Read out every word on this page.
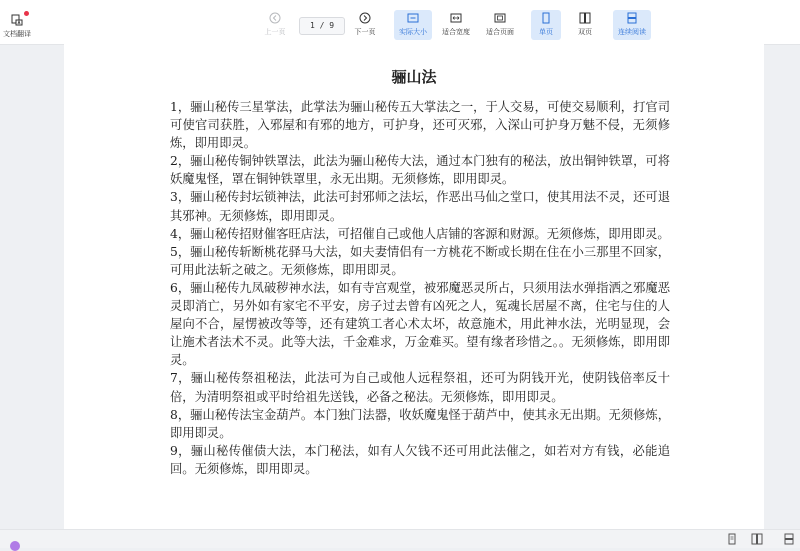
文档翻译	上一页
1 / 9
下一页	实际大小 适合宽度 适合页面	单页	双页	连续阅读
骊山法

1，骊山秘传三星掌法，此掌法为骊山秘传五大掌法之一，于人交易，可使交易顺利，打官司可使官司获胜，入邪屋和有邪的地方，可护身，还可灭邪，入深山可护身万魅不侵，无须修炼，即用即灵。

2，骊山秘传铜钟铁罩法，此法为骊山秘传大法，通过本门独有的秘法，放出铜钟铁罩，可将妖魔鬼怪，罩在铜钟铁罩里，永无出期。无须修炼，即用即灵。

3，骊山秘传封坛锁神法，此法可封邪师之法坛，作恶出马仙之堂口，使其用法不灵，还可退其邪神。无须修炼，即用即灵。

4，骊山秘传招财催客旺店法，可招催自己或他人店铺的客源和财源。无须修炼，即用即灵。

5，骊山秘传斩断桃花驿马大法，如夫妻情侣有一方桃花不断或长期在住在小三那里不回家，可用此法斩之破之。无须修炼，即用即灵。

6，骊山秘传九凤破秽神水法，如有寺宫观堂，被邪魔恶灵所占，只须用法水弹指洒之邪魔恶灵即消亡，另外如有家宅不平安，房子过去曾有凶死之人，冤魂长居屋不离，住宅与住的人屋向不合，屋愣被改等等，还有建筑工者心术太坏，故意施术，用此神水法，光明显现，会让施术者法术不灵。此等大法，千金难求，万金难买。望有缘者珍惜之。。无须修炼，即用即灵。

7，骊山秘传祭祖秘法，此法可为自己或他人远程祭祖，还可为阴钱开光，使阴钱倍率反十倍，为清明祭祖或平时给祖先送钱，必备之秘法。无须修炼，即用即灵。

8，骊山秘传法宝金葫芦。本门独门法器，收妖魔鬼怪于葫芦中，使其永无出期。无须修炼，即用即灵。

9，骊山秘传催债大法，本门秘法，如有人欠钱不还可用此法催之，如若对方有钱，必能追回。无须修炼，即用即灵。
